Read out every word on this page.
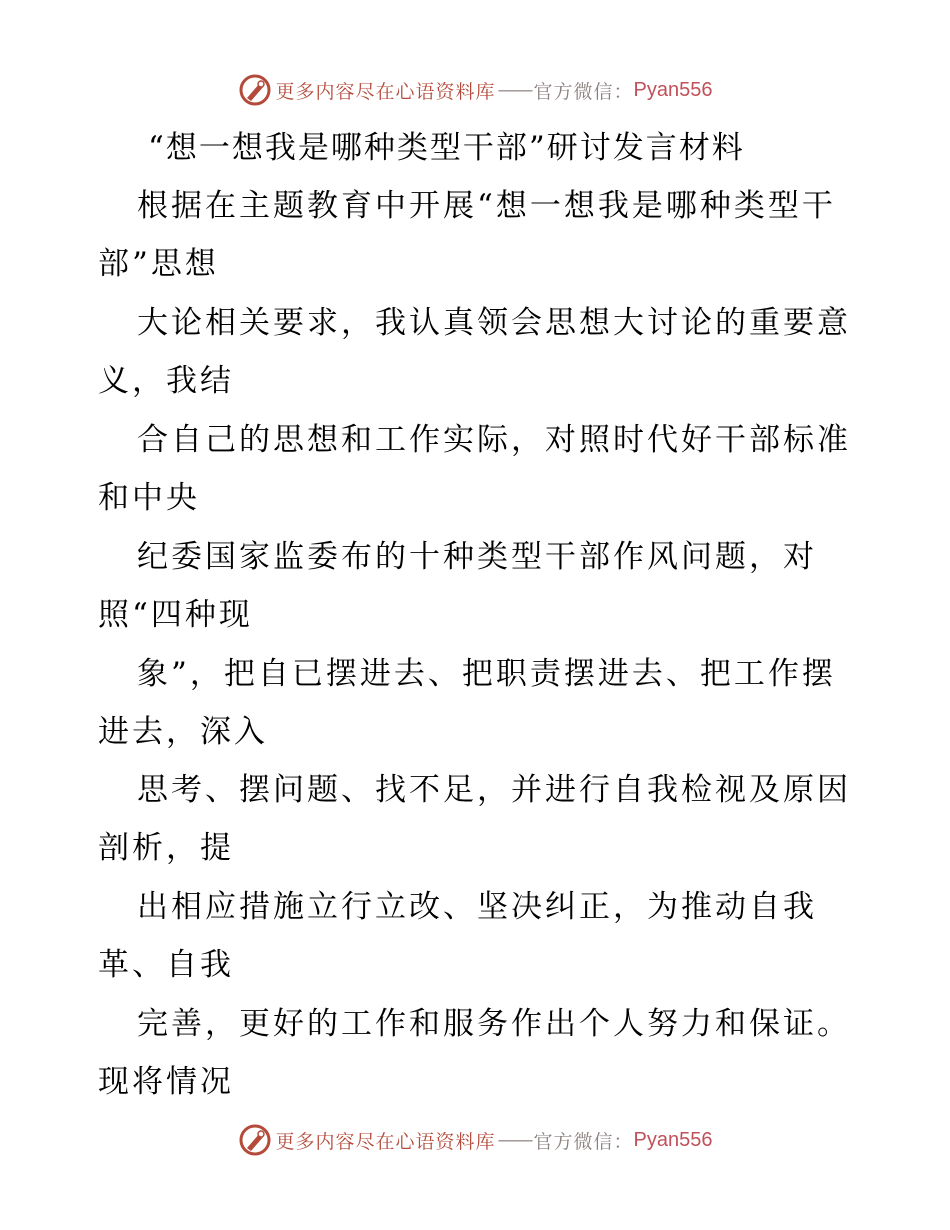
更多内容尽在心语资料库 —— 官方微信： Pyan556
“想一想我是哪种类型干部”研讨发言材料
根据在主题教育中开展“想一想我是哪种类型干
部”思想
大论相关要求，我认真领会思想大讨论的重要意
义，我结
合自己的思想和工作实际，对照时代好干部标准
和中央
纪委国家监委布的十种类型干部作风问题，对
照“四种现
象”，把自已摆进去、把职责摆进去、把工作摆
进去，深入
思考、摆问题、找不足，并进行自我检视及原因
剖析，提
出相应措施立行立改、坚决纠正，为推动自我
革、自我
完善，更好的工作和服务作出个人努力和保证。
现将情况
更多内容尽在心语资料库 —— 官方微信： Pyan556
